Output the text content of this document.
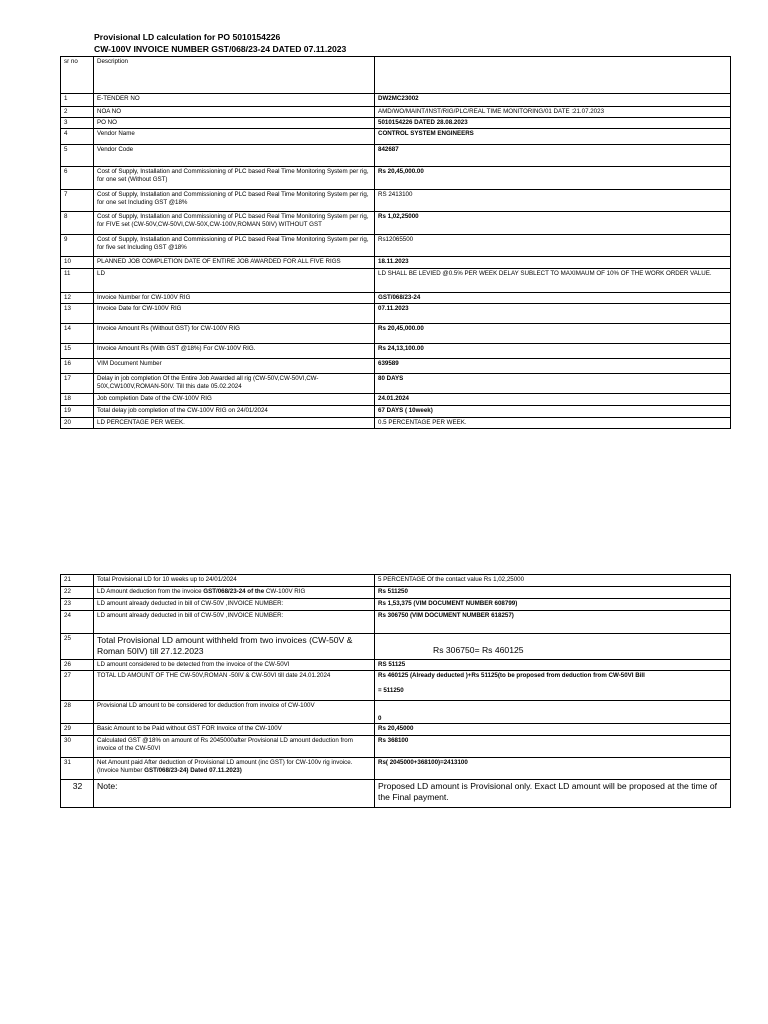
Provisional LD calculation for PO 5010154226
CW-100V INVOICE NUMBER GST/068/23-24 DATED 07.11.2023
sr no	Description	
1	E-TENDER NO	DW2MC23002
2	NOA NO	AMD/WO/MAINT/INST/RIG/PLC/REAL TIME MONITORING/01 DATE :21.07.2023
3	PO NO	5010154226 DATED 28.08.2023
4	Vendor Name	CONTROL SYSTEM ENGINEERS
5	Vendor Code	842687
6	Cost of Supply, Installation and Commissioning of PLC based Real Time Monitoring System per rig, for one set (Without GST)	Rs 20,45,000.00
7	Cost of Supply, Installation and Commissioning of PLC based Real Time Monitoring System per rig, for one set Including GST @18%	RS 2413100
8	Cost of Supply, Installation and Commissioning of PLC based Real Time Monitoring System per rig, for FIVE set (CW-50V,CW-50VI,CW-50X,CW-100V,ROMAN 50IV) WITHOUT GST	Rs 1,02,25000
9	Cost of Supply, Installation and Commissioning of PLC based Real Time Monitoring System per rig, for five set Including GST @18%	Rs12065500
10	PLANNED JOB COMPLETION DATE OF ENTIRE JOB AWARDED FOR ALL FIVE RIGS	18.11.2023
11	LD	LD SHALL BE LEVIED @0.5% PER WEEK DELAY SUBLECT TO MAXIMAUM OF 10% OF THE WORK ORDER VALUE.
12	Invoice Number for CW-100V RIG	GST/068/23-24
13	Invoice Date for CW-100V RIG	07.11.2023
14	Invoice Amount Rs (Without GST) for CW-100V RIG	Rs 20,45,000.00
15	Invoice Amount Rs (With GST @18%) For CW-100V RIG.	Rs 24,13,100.00
16	VIM Document Number	639589
17	Delay in job completion Of the Entire Job Awarded all rig (CW-50V,CW-50VI,CW-50X,CW100V,ROMAN-50IV. Till this date 05.02.2024	80 DAYS
18	Job completion Date of the CW-100V RIG	24.01.2024
19	Total delay job completion of the CW-100V RIG on 24/01/2024	67 DAYS ( 10week)
20	LD PERCENTAGE PER WEEK.	0.5 PERCENTAGE PER WEEK.
21	Total Provisional LD for 10 weeks up to 24/01/2024	5 PERCENTAGE Of the contact value Rs 1,02,25000
22	LD Amount deduction from the invoice GST/068/23-24 of the CW-100V RIG	Rs 511250
23	LD amount already deducted in bill of CW-50V ,INVOICE NUMBER:	Rs 1,53,375 (VIM DOCUMENT NUMBER 608799)
24	LD amount already deducted in bill of CW-50V ,INVOICE NUMBER:	Rs 306750 (VIM DOCUMENT NUMBER 618257)
25	Total Provisional LD amount withheld from two invoices (CW-50V & Roman 50IV) till 27.12.2023	Rs 306750= Rs 460125
26	LD amount considered to be detected from the invoice of the CW-50VI	RS 51125
27	TOTAL LD AMOUNT OF THE CW-50V,ROMAN -50IV & CW-50VI till date 24.01.2024	Rs 460125 (Already deducted )+Rs 51125(to be proposed from deduction from CW-50VI Bill
= 511250
28	Provisional LD amount to be considered for deduction from invoice of CW-100V	0
29	Basic Amount to be Paid without GST FOR Invoice of the CW-100V	Rs 20,45000
30	Calculated GST @18% on amount of Rs 2045000after Provisional LD amount deduction from invoice of the CW-50VI	Rs 368100
31	Net Amount paid After deduction of Provisional LD amount (inc GST) for CW-100v rig invoice.(Invoice Number GST/068/23-24) Dated 07.11.2023)	Rs( 2045000+368100)=2413100
32	Note:	Proposed LD amount is Provisional only. Exact LD amount will be proposed at the time of the Final payment.
